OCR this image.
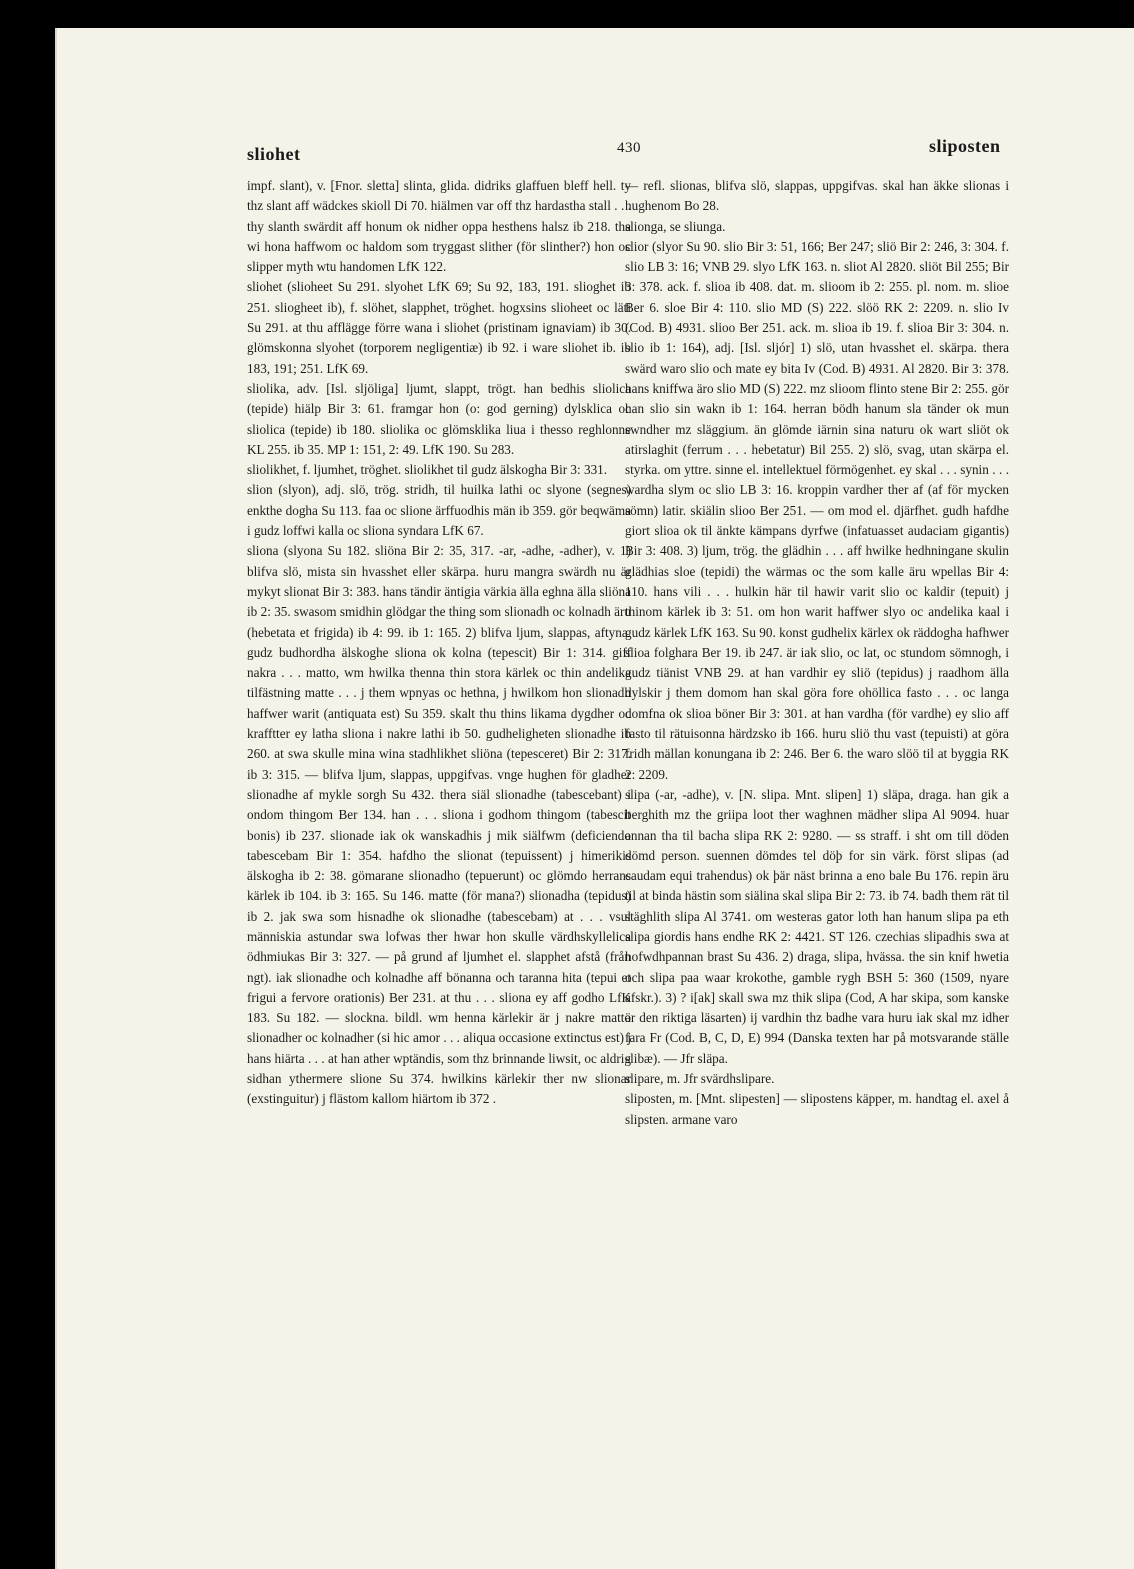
sliohet	430	sliposten

impf. slant), v. [Fnor. sletta] slinta, glida. didriks glaffuen bleff hell. ty thz slant aff wädckes skioll Di 70. hiälmen var off thz hardastha stall . . . thy slanth swärdit aff honum ok nidher oppa hesthens halsz ib 218. tha wi hona haffwom oc haldom som tryggast slither (för slinther?) hon oc slipper myth wtu handomen LfK 122.

sliohet (slioheet Su 291. slyohet LfK 69; Su 92, 183, 191. slioghet ib 251. sliogheet ib), f. slöhet, slapphet, tröghet. hogxsins slioheet oc läti Su 291. at thu afflägge förre wana i sliohet (pristinam ignaviam) ib 30. glömskonna slyohet (torporem negligentiæ) ib 92. i ware sliohet ib. ib 183, 191; 251. LfK 69.

sliolika, adv. [Isl. sljöliga] ljumt, slappt, trögt. han bedhis sliolica (tepide) hiälp Bir 3: 61. framgar hon (o: god gerning) dylsklica oc sliolica (tepide) ib 180. sliolika oc glömsklika liua i thesso reghlonne KL 255. ib 35. MP 1: 151, 2: 49. LfK 190. Su 283.

sliolikhet, f. ljumhet, tröghet. sliolikhet til gudz älskogha Bir 3: 331.

slion (slyon), adj. slö, trög. stridh, til huilka lathi oc slyone (segnes) enkthe dogha Su 113. faa oc slione ärffuodhis män ib 359. gör beqwäma i gudz loffwi kalla oc sliona syndara LfK 67.

sliona (slyona Su 182. sliöna Bir 2: 35, 317. -ar, -adhe, -adher), v. 1) blifva slö, mista sin hvasshet eller skärpa. huru mangra swärdh nu är mykyt slionat Bir 3: 383. hans tändir äntigia värkia älla eghna älla sliöna ib 2: 35. swasom smidhin glödgar the thing som slionadh oc kolnadh äru (hebetata et frigida) ib 4: 99. ib 1: 165. 2) blifva ljum, slappas, aftyna. gudz budhordha älskoghe sliona ok kolna (tepescit) Bir 1: 314. giff nakra . . . matto, wm hwilka thenna thin stora kärlek oc thin andelika tilfästning matte . . . j them wpnyas oc hethna, j hwilkom hon slionadh haffwer warit (antiquata est) Su 359. skalt thu thins likama dygdher oc krafftter ey latha sliona i nakre lathi ib 50. gudheligheten slionadhe ib 260. at swa skulle mina wina stadhlikhet sliöna (tepesceret) Bir 2: 317. ib 3: 315. — blifva ljum, slappas, uppgifvas. vnge hughen för gladher slionadhe af mykle sorgh Su 432. thera siäl slionadhe (tabescebant) i ondom thingom Ber 134. han . . . sliona i godhom thingom (tabescit bonis) ib 237. slionade iak ok wanskadhis j mik siälfwm (deficiendo tabescebam Bir 1: 354. hafdho the slionat (tepuissent) j himerikis älskogha ib 2: 38. gömarane slionadho (tepuerunt) oc glömdo herrans kärlek ib 104. ib 3: 165. Su 146. matte (för mana?) slionadha (tepidus) ib 2. jak swa som hisnadhe ok slionadhe (tabescebam) at . . . vsul människia astundar swa lofwas ther hwar hon skulle värdhskyllelica ödhmiukas Bir 3: 327. — på grund af ljumhet el. slapphet afstå (från ngt). iak slionadhe och kolnadhe aff bönanna och taranna hita (tepui et frigui a fervore orationis) Ber 231. at thu . . . sliona ey aff godho LfK 183. Su 182. — slockna. bildl. wm henna kärlekir är j nakre matto slionadher oc kolnadher (si hic amor . . . aliqua occasione extinctus est) j hans hiärta . . . at han ather wptändis, som thz brinnande liwsit, oc aldrig sidhan ythermere slione Su 374. hwilkins kärlekir ther nw slionar (exstinguitur) j flästom kallom hiärtom ib 372 .

— refl. slionas, blifva slö, slappas, uppgifvas. skal han äkke slionas i hughenom Bo 28.

slionga, se sliunga.

slior (slyor Su 90. slio Bir 3: 51, 166; Ber 247; sliö Bir 2: 246, 3: 304. f. slio LB 3: 16; VNB 29. slyo LfK 163. n. sliot Al 2820. sliöt Bil 255; Bir 3: 378. ack. f. slioa ib 408. dat. m. slioom ib 2: 255. pl. nom. m. slioe Ber 6. sloe Bir 4: 110. slio MD (S) 222. slöö RK 2: 2209. n. slio Iv (Cod. B) 4931. slioo Ber 251. ack. m. slioa ib 19. f. slioa Bir 3: 304. n. slio ib 1: 164), adj. [Isl. sljór] 1) slö, utan hvasshet el. skärpa. thera swärd waro slio och mate ey bita Iv (Cod. B) 4931. Al 2820. Bir 3: 378. hans kniffwa äro slio MD (S) 222. mz slioom flinto stene Bir 2: 255. gör han slio sin wakn ib 1: 164. herran bödh hanum sla tänder ok mun swndher mz släggium. än glömde iärnin sina naturu ok wart sliöt ok atirslaghit (ferrum . . . hebetatur) Bil 255. 2) slö, svag, utan skärpa el. styrka. om yttre. sinne el. intellektuel förmögenhet. ey skal . . . synin . . . wardha slym oc slio LB 3: 16. kroppin vardher ther af (af för mycken sömn) latir. skiälin slioo Ber 251. — om mod el. djärfhet. gudh hafdhe giort slioa ok til änkte kämpans dyrfwe (infatuasset audaciam gigantis) Bir 3: 408. 3) ljum, trög. the glädhin . . . aff hwilke hedhningane skulin glädhias sloe (tepidi) the wärmas oc the som kalle äru wpellas Bir 4: 110. hans vili . . . hulkin här til hawir varit slio oc kaldir (tepuit) j thinom kärlek ib 3: 51. om hon warit haffwer slyo oc andelika kaal i gudz kärlek LfK 163. Su 90. konst gudhelix kärlex ok räddogha hafhwer slioa folghara Ber 19. ib 247. är iak slio, oc lat, oc stundom sömnogh, i gudz tiänist VNB 29. at han vardhir ey sliö (tepidus) j raadhom älla dylskir j them domom han skal göra fore ohöllica fasto . . . oc langa domfna ok slioa böner Bir 3: 301. at han vardha (för vardhe) ey slio aff fasto til rätuisonna härdzsko ib 166. huru sliö thu vast (tepuisti) at göra fridh mällan konungana ib 2: 246. Ber 6. the waro slöö til at byggia RK 2: 2209.

slipa (-ar, -adhe), v. [N. slipa. Mnt. slipen] 1) släpa, draga. han gik a berghith mz the griipa loot ther waghnen mädher slipa Al 9094. huar annan tha til bacha slipa RK 2: 9280. — ss straff. i sht om till döden dömd person. suennen dömdes tel döþ for sin värk. först slipas (ad caudam equi trahendus) ok þär näst brinna a eno bale Bu 176. repin äru til at binda hästin som siälina skal slipa Bir 2: 73. ib 74. badh them rät til stäghlith slipa Al 3741. om westeras gator loth han hanum slipa pa eth slipa giordis hans endhe RK 2: 4421. ST 126. czechias slipadhis swa at hofwdhpannan brast Su 436. 2) draga, slipa, hvässa. the sin knif hwetia och slipa paa waar krokothe, gamble rygh BSH 5: 360 (1509, nyare afskr.). 3) ? i[ak] skall swa mz thik slipa (Cod, A har skipa, som kanske är den riktiga läsarten) ij vardhin thz badhe vara huru iak skal mz idher fara Fr (Cod. B, C, D, E) 994 (Danska texten har på motsvarande ställe slibæ). — Jfr släpa.

slipare, m. Jfr svärdhslipare.

sliposten, m. [Mnt. slipesten] — slipostens käpper, m. handtag el. axel å slipsten. armane varo
